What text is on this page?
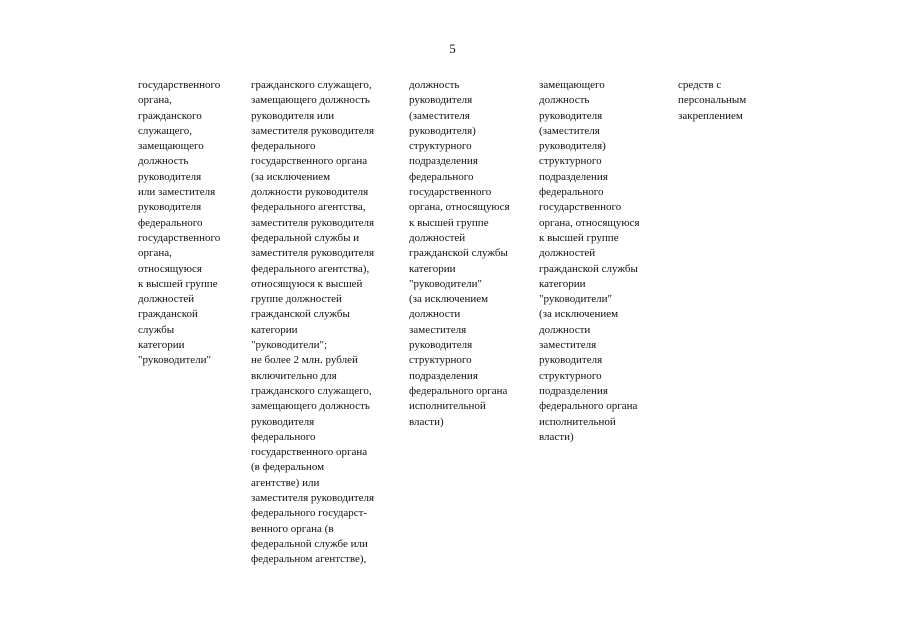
5
государственного
органа,
гражданского
служащего,
замещающего
должность
руководителя
или заместителя
руководителя
федерального
государственного
органа,
относящуюся
к высшей группе
должностей
гражданской
службы
категории
"руководители"
гражданского служащего,
замещающего должность
руководителя или
заместителя руководителя
федерального
государственного органа
(за исключением
должности руководителя
федерального агентства,
заместителя руководителя
федеральной службы и
заместителя руководителя
федерального агентства),
относящуюся к высшей
группе должностей
гражданской службы
категории
"руководители";
не более 2 млн. рублей
включительно для
гражданского служащего,
замещающего должность
руководителя
федерального
государственного органа
(в федеральном
агентстве) или
заместителя руководителя
федерального государст-
венного органа (в
федеральной службе или
федеральном агентстве),
должность
руководителя
(заместителя
руководителя)
структурного
подразделения
федерального
государственного
органа, относящуюся
к высшей группе
должностей
гражданской службы
категории
"руководители"
(за исключением
должности
заместителя
руководителя
структурного
подразделения
федерального органа
исполнительной
власти)
замещающего
должность
руководителя
(заместителя
руководителя)
структурного
подразделения
федерального
государственного
органа, относящуюся
к высшей группе
должностей
гражданской службы
категории
"руководители"
(за исключением
должности
заместителя
руководителя
структурного
подразделения
федерального органа
исполнительной
власти)
средств с
персональным
закреплением
